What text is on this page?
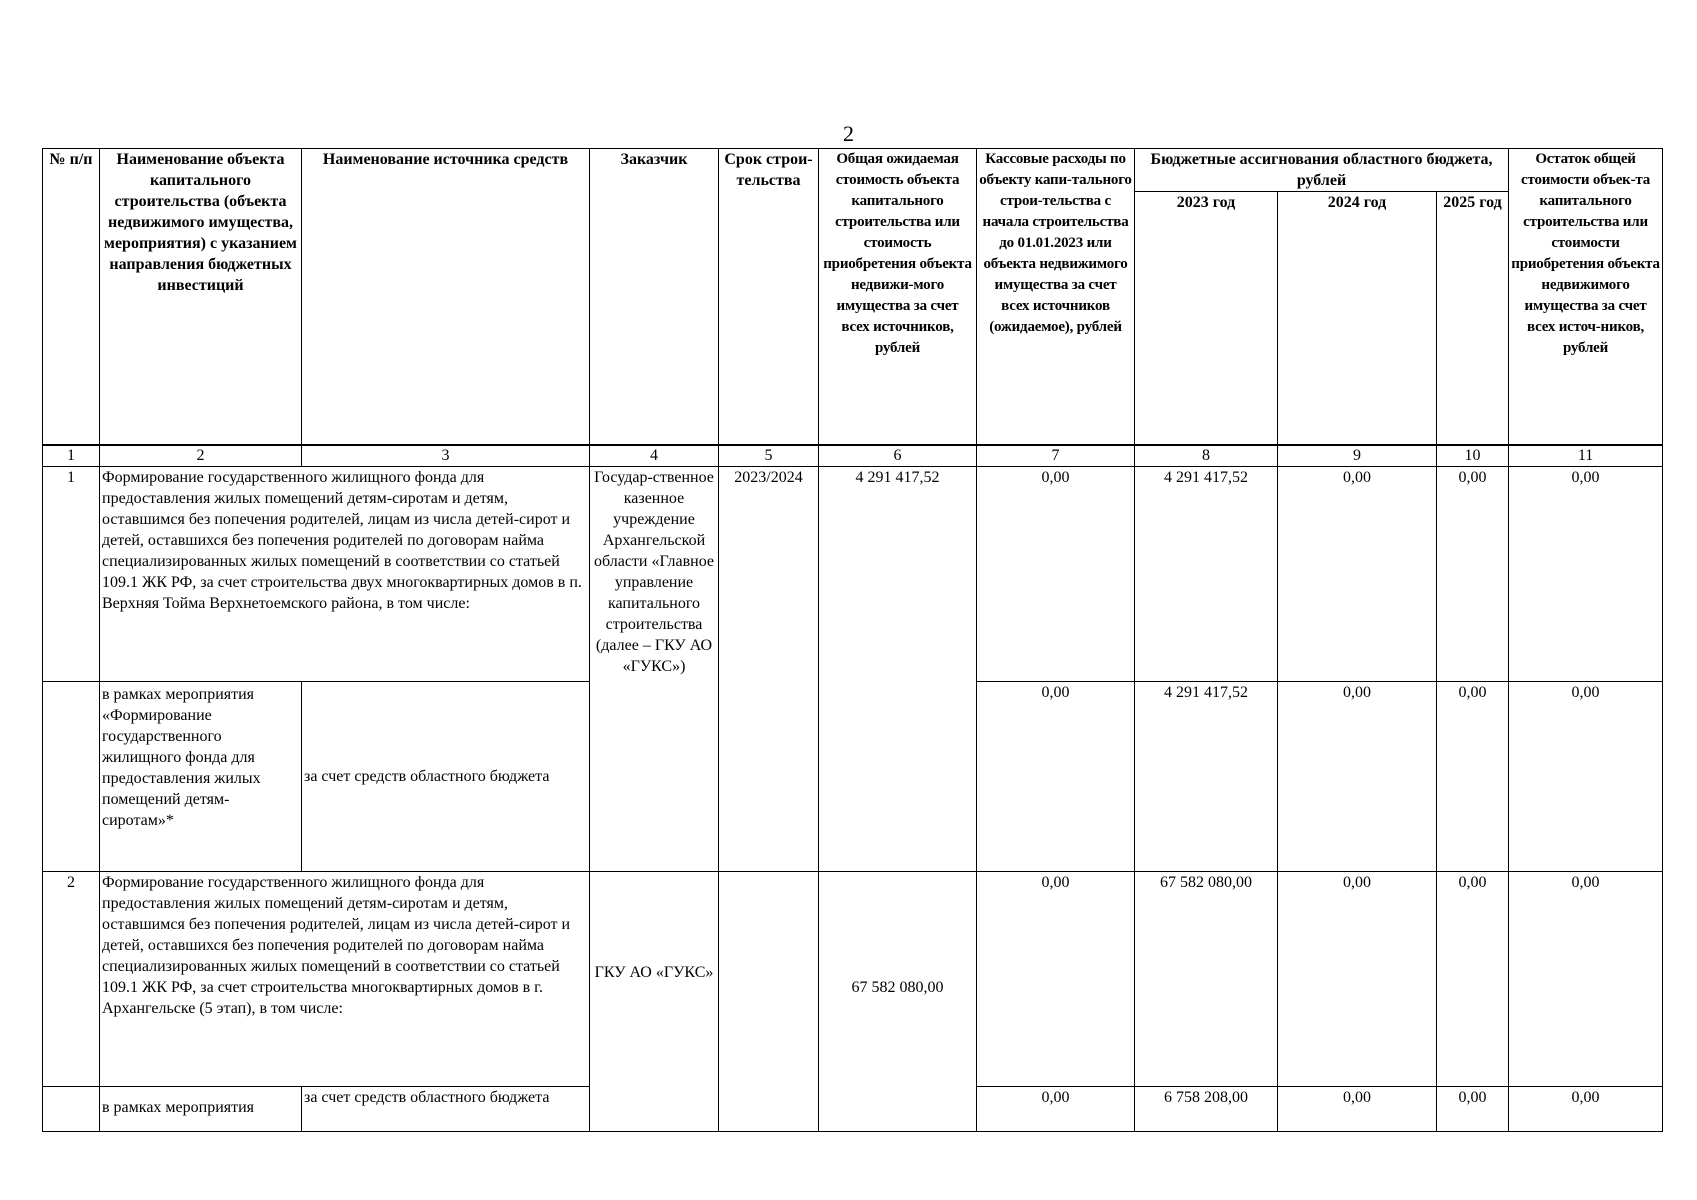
2
№ п/п	Наименование объекта капитального строительства (объекта недвижимого имущества, мероприятия) с указанием направления бюджетных инвестиций	Наименование источника средств	Заказчик	Срок строи-тельства	Общая ожидаемая стоимость объекта капитального строительства или стоимость приобретения объекта недвижи-мого имущества за счет всех источников, рублей	Кассовые расходы по объекту капи-тального строи-тельства с начала строительства до 01.01.2023 или объекта недвижимого имущества за счет всех источников (ожидаемое), рублей	Бюджетные ассигнования областного бюджета, рублей			Остаток общей стоимости объек-та капитального строительства или стоимости приобретения объекта недвижимого имущества за счет всех источ-ников, рублей
							2023 год	2024 год	2025 год	
1	2	3	4	5	6	7	8	9	10	11
1	Формирование государственного жилищного фонда для предоставления жилых помещений детям-сиротам и детям, оставшимся без попечения родителей, лицам из числа детей-сирот и детей, оставшихся без попечения родителей по договорам найма специализированных жилых помещений в соответствии со статьей 109.1 ЖК РФ, за счет строительства двух многоквартирных домов в п. Верхняя Тойма Верхнетоемского района, в том числе:		Государ-ственное казенное учреждение Архангельской области «Главное управление капитального строительства (далее – ГКУ АО «ГУКС»)	2023/2024	4 291 417,52	0,00	4 291 417,52	0,00	0,00	0,00
	в рамках мероприятия «Формирование государственного жилищного фонда для предоставления жилых помещений детям-сиротам»*	за счет средств областного бюджета				0,00	4 291 417,52	0,00	0,00	0,00
2	Формирование государственного жилищного фонда для предоставления жилых помещений детям-сиротам и детям, оставшимся без попечения родителей, лицам из числа детей-сирот и детей, оставшихся без попечения родителей по договорам найма специализированных жилых помещений в соответствии со статьей 109.1 ЖК РФ, за счет строительства многоквартирных домов в г. Архангельске (5 этап), в том числе:		ГКУ АО «ГУКС»		67 582 080,00	0,00	67 582 080,00	0,00	0,00	0,00
	в рамках мероприятия	за счет средств областного бюджета				0,00	6 758 208,00	0,00	0,00	0,00
